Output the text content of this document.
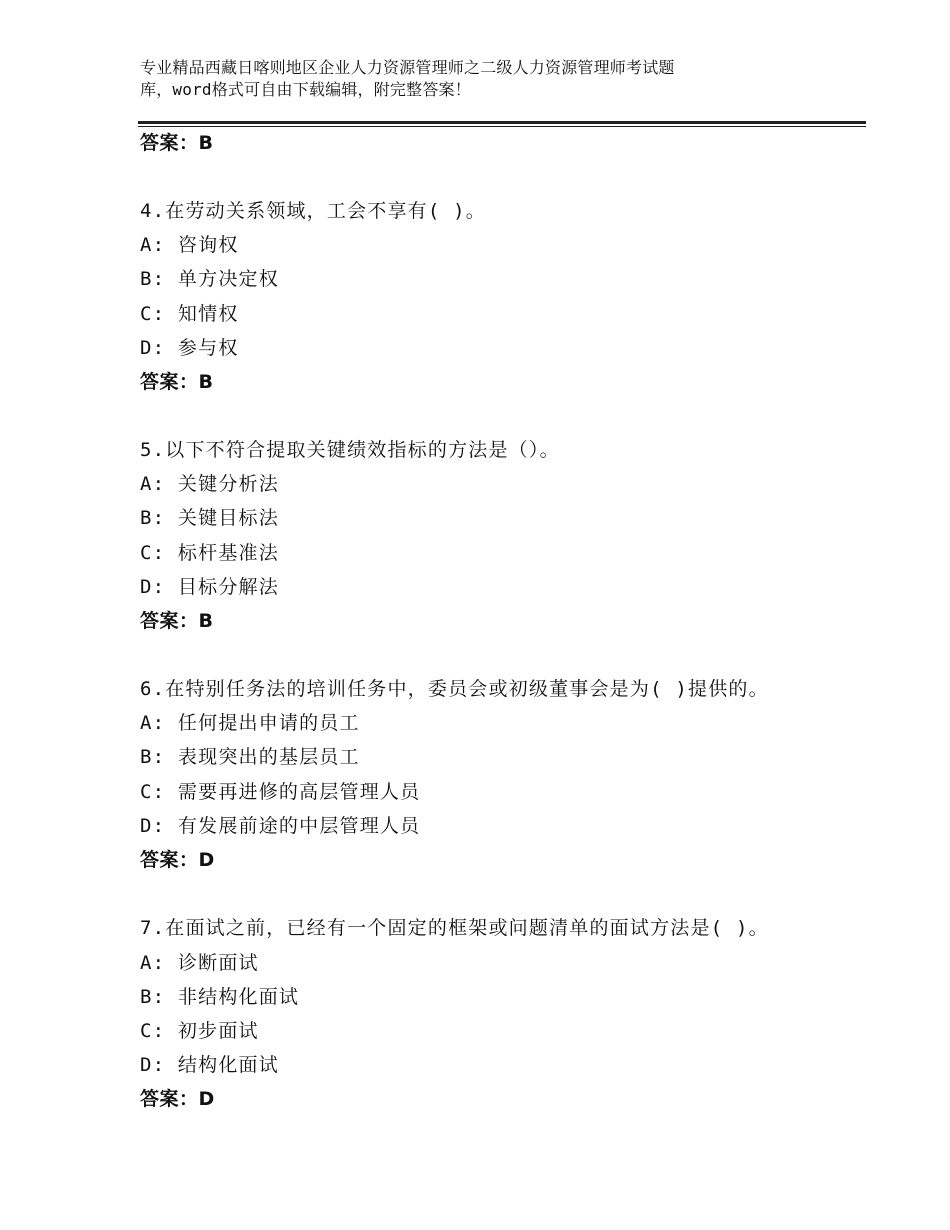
专业精品西藏日喀则地区企业人力资源管理师之二级人力资源管理师考试题
库，word格式可自由下载编辑，附完整答案！
答案：B
4.在劳动关系领域，工会不享有( )。
A: 咨询权
B: 单方决定权
C: 知情权
D: 参与权
答案：B
5.以下不符合提取关键绩效指标的方法是（）。
A: 关键分析法
B: 关键目标法
C: 标杆基准法
D: 目标分解法
答案：B
6.在特别任务法的培训任务中，委员会或初级董事会是为( )提供的。
A: 任何提出申请的员工
B: 表现突出的基层员工
C: 需要再进修的高层管理人员
D: 有发展前途的中层管理人员
答案：D
7.在面试之前，已经有一个固定的框架或问题清单的面试方法是( )。
A: 诊断面试
B: 非结构化面试
C: 初步面试
D: 结构化面试
答案：D
